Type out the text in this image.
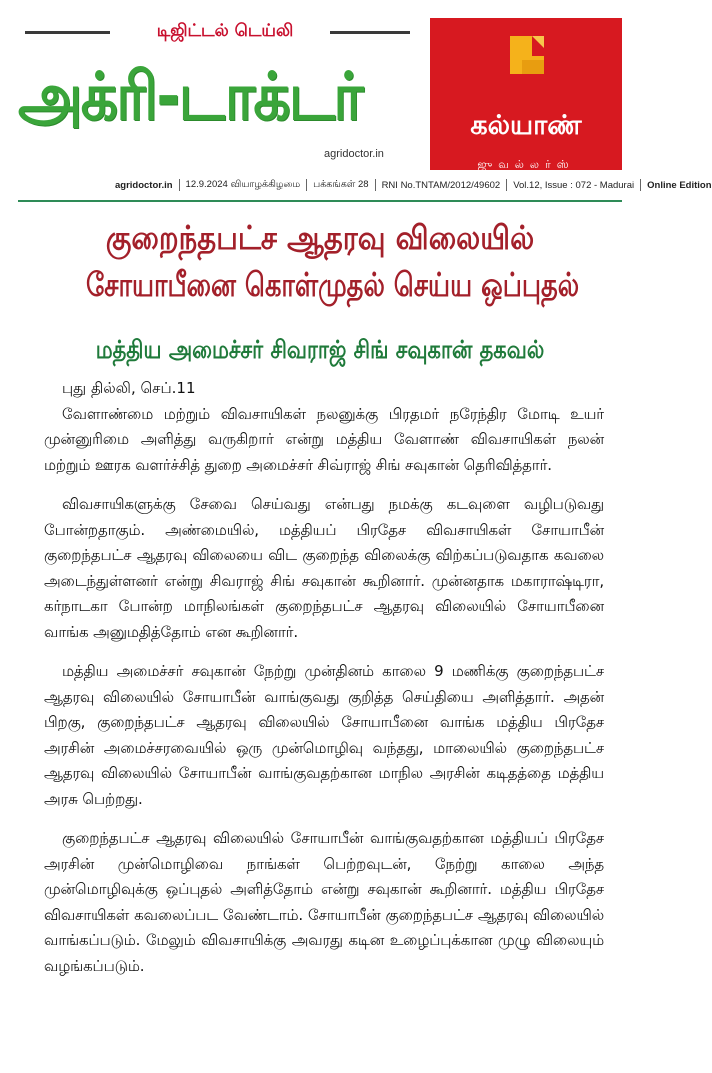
டிஜிட்டல் டெய்லி
அக்ரி-டாக்டர்
agridoctor.in
agridoctor.in 12.9.2024 வியாழக்கிழமை பக்கங்கள் 28 RNI No.TNTAM/2012/49602 Vol.12, Issue : 072 - Madurai Online Edition
கல்யாண்
ஜுவல்லர்ஸ்
குறைந்தபட்ச ஆதரவு விலையில்
சோயாபீனை கொள்முதல் செய்ய ஒப்புதல்
மத்திய அமைச்சர் சிவராஜ் சிங் சவுகான் தகவல்

புது தில்லி, செப்.11

வேளாண்மை மற்றும் விவசாயிகள் நலனுக்கு பிரதமர் நரேந்திர மோடி உயர் முன்னுரிமை அளித்து வருகிறார் என்று மத்திய வேளாண் விவசாயிகள் நலன் மற்றும் ஊரக வளர்ச்சித் துறை அமைச்சர் சிவ்ராஜ் சிங் சவுகான் தெரிவித்தார்.

விவசாயிகளுக்கு சேவை செய்வது என்பது நமக்கு கடவுளை வழிபடுவது போன்றதாகும். அண்மையில், மத்தியப் பிரதேச விவசாயிகள் சோயாபீன் குறைந்தபட்ச ஆதரவு விலையை விட குறைந்த விலைக்கு விற்கப்படுவதாக கவலை அடைந்துள்ளனர் என்று சிவராஜ் சிங் சவுகான் கூறினார். முன்னதாக மகாராஷ்டிரா, கர்நாடகா போன்ற மாநிலங்கள் குறைந்தபட்ச ஆதரவு விலையில் சோயாபீனை வாங்க அனுமதித்தோம் என கூறினார்.

மத்திய அமைச்சர் சவுகான் நேற்று முன்தினம் காலை 9 மணிக்கு குறைந்தபட்ச ஆதரவு விலையில் சோயாபீன் வாங்குவது குறித்த செய்தியை அளித்தார். அதன் பிறகு, குறைந்தபட்ச ஆதரவு விலையில் சோயாபீனை வாங்க மத்திய பிரதேச அரசின் அமைச்சரவையில் ஒரு முன்மொழிவு வந்தது, மாலையில் குறைந்தபட்ச ஆதரவு விலையில் சோயாபீன் வாங்குவதற்கான மாநில அரசின் கடிதத்தை மத்திய அரசு பெற்றது.

குறைந்தபட்ச ஆதரவு விலையில் சோயாபீன் வாங்குவதற்கான மத்தியப் பிரதேச அரசின் முன்மொழிவை நாங்கள் பெற்றவுடன், நேற்று காலை அந்த முன்மொழிவுக்கு ஒப்புதல் அளித்தோம் என்று சவுகான் கூறினார். மத்திய பிரதேச விவசாயிகள் கவலைப்பட வேண்டாம். சோயாபீன் குறைந்தபட்ச ஆதரவு விலையில் வாங்கப்படும். மேலும் விவசாயிக்கு அவரது கடின உழைப்புக்கான முழு விலையும் வழங்கப்படும்.
